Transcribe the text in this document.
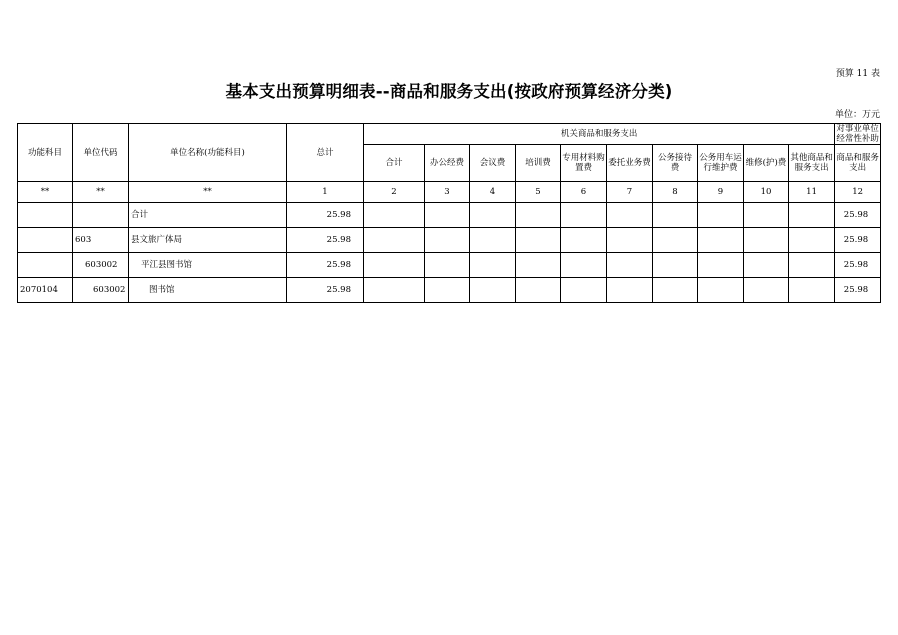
预算 11 表
基本支出预算明细表--商品和服务支出(按政府预算经济分类)
单位：万元
功能科目	单位代码	单位名称(功能科目)	总计	机关商品和服务支出										对事业单位经常性补助
				合计	办公经费	会议费	培训费	专用材料购置费	委托业务费	公务接待费	公务用车运行维护费	维修(护)费	其他商品和服务支出	商品和服务支出
**	**	**	1	2	3	4	5	6	7	8	9	10	11	12
		合计	25.98											25.98
	603	县文旅广体局	25.98											25.98
	603002	平江县图书馆	25.98											25.98
2070104	603002	图书馆	25.98											25.98
